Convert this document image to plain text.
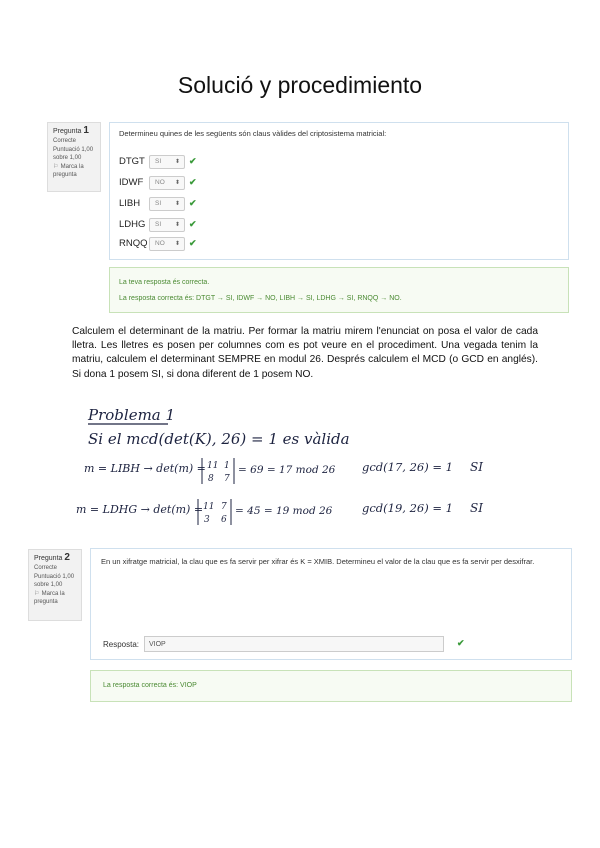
Solució y procedimiento
Pregunta 1
Correcte
Puntuació 1,00 sobre 1,00
⚐ Marca la pregunta
Determineu quines de les següents són claus vàlides del criptosistema matricial:
DTGT	SI ⬍ ✔
IDWF	NO ⬍ ✔
LIBH	SI ⬍ ✔
LDHG	SI ⬍ ✔
RNQQ NO ⬍ ✔
La teva resposta és correcta.
La resposta correcta és: DTGT → SI, IDWF → NO, LIBH → SI, LDHG → SI, RNQQ → NO.
Calculem el determinant de la matriu. Per formar la matriu mirem l'enunciat on posa el valor de cada lletra. Les lletres es posen per columnes com es pot veure en el procediment. Una vegada tenim la matriu, calculem el determinant SEMPRE en modul 26. Després calculem el MCD (o GCD en anglés). Si dona 1 posem SI, si dona diferent de 1 posem NO.
Problema 1
Si el mcd(det(K), 26) = 1 es vàlida
m = LIBH → det(m) = 11 1
8 7
= 69 = 17 mod 26 gcd(17, 26) = 1 SI
m = LDHG → det(m) = 11 7
3 6
= 45 = 19 mod 26	gcd(19, 26) = 1 SI
Pregunta 2
Correcte
Puntuació 1,00 sobre 1,00
⚐ Marca la pregunta
En un xifratge matricial, la clau que es fa servir per xifrar és K = XMIB. Determineu el valor de la clau que es fa servir per desxifrar.
Resposta: VIOP	✔
La resposta correcta és: VIOP
